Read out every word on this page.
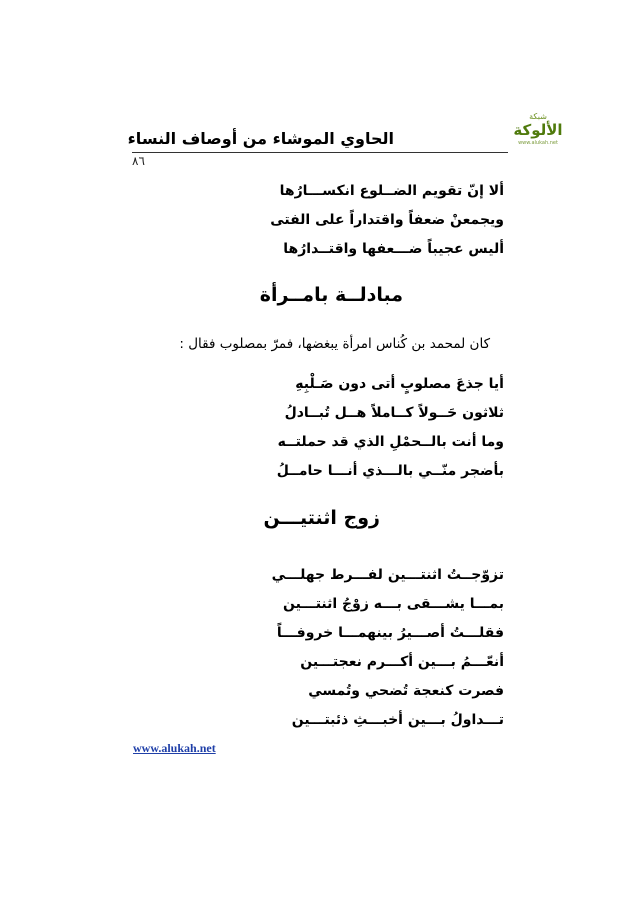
شبكة
الألوكة
www.alukah.net
الحاوي الموشاء من أوصاف النساء
٨٦
ألا إنّ تقويم الضــلوع انكســـارُها
ويجمعنْ ضعفاً واقتداراً على الفتى
أليس عجيباً ضـــعفها واقتــدارُها
مبادلــة بامــرأة
كان لمحمد بن كُناس امرأة يبغضها، فمرّ بمصلوب فقال :
أيا جذعَ مصلوبٍ أتى دون صَـلْبِهِ
ثلاثون حَــولاً كــاملاً هــل تُبــادلُ
وما أنت بالــحمْلِ الذي قد حملتــه
بأضجر منّــي بالـــذي أنـــا حامــلُ
زوج اثنتيـــن
تزوّجــتُ اثنتـــين لفـــرط جهلـــي
بمـــا يشـــقى بـــه زوْجُ اثنتـــين
فقلـــتُ أصـــيرُ بينهمـــا خروفـــاً
أنعّـــمُ بـــين أكـــرم نعجتـــين
فصرت كنعجة تُضحي وتُمسي
تـــداولُ بـــين أخبـــثِ ذئبتـــين
www.alukah.net
